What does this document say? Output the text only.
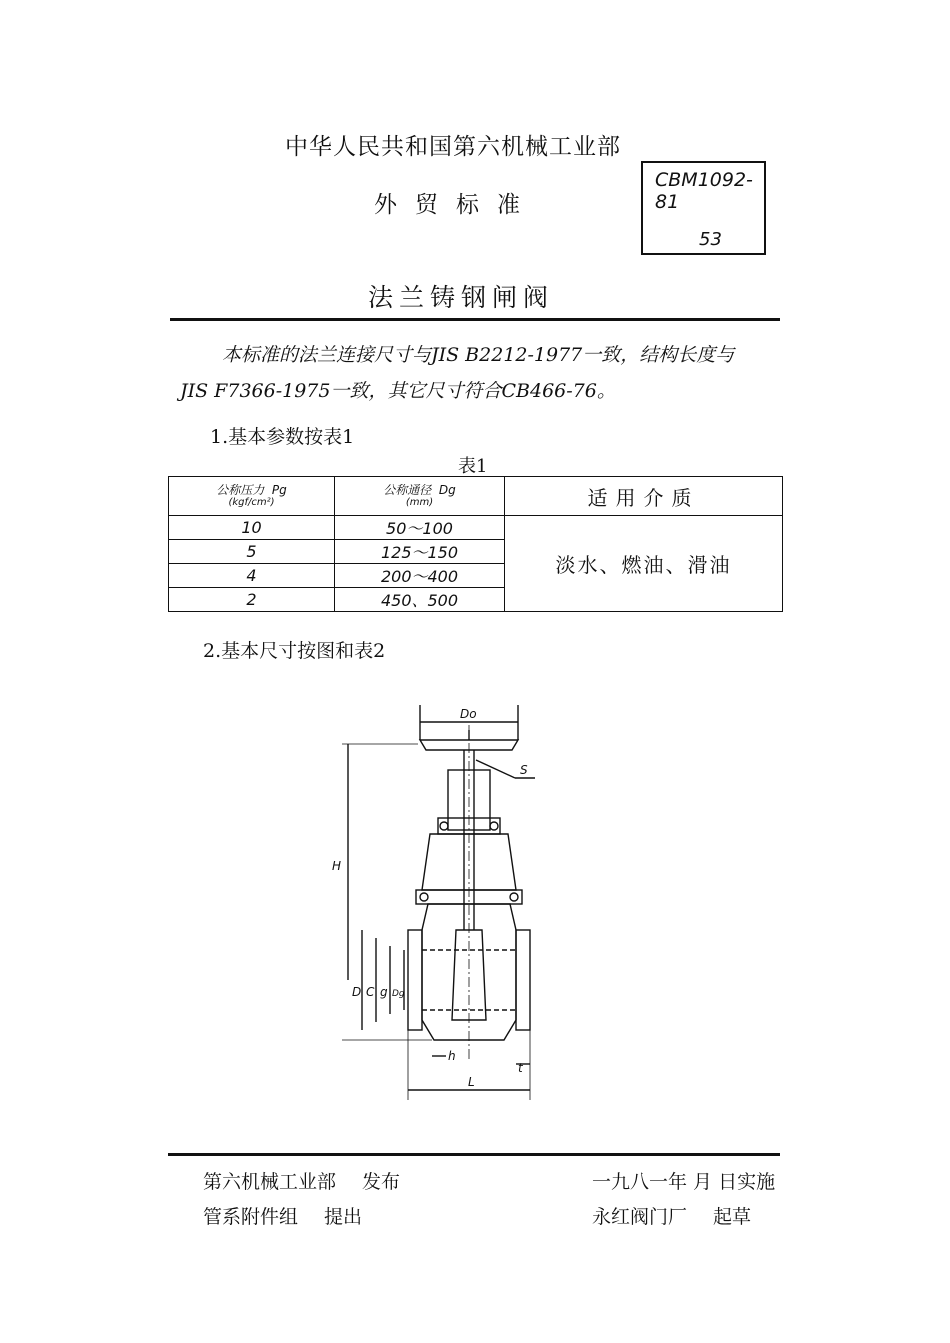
中华人民共和国第六机械工业部
外贸标准
CBM1092-81
53
法兰铸钢闸阀
本标准的法兰连接尺寸与JIS B2212-1977一致，结构长度与
JIS F7366-1975一致，其它尺寸符合CB466-76。
1.基本参数按表1
表1
公称压力 Pg
(kgf/cm²)	公称通径 Dg
(mm)	适用介质
10	50～100	淡水、燃油、滑油
5	125～150	
4	200～400	
2	450、500	
2.基本尺寸按图和表2
Do
S
H
D C g Dg
h
t
L
第六机械工业部 发布
管系附件组 提出
一九八一年 月 日实施
永红阀门厂 起草
